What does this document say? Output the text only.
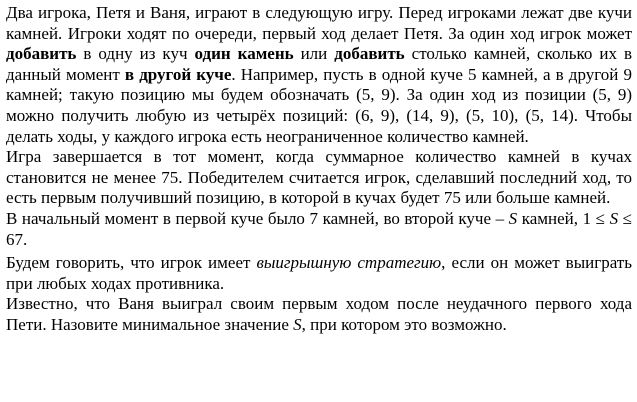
Два игрока, Петя и Ваня, играют в следующую игру. Перед игроками лежат две кучи камней. Игроки ходят по очереди, первый ход делает Петя. За один ход игрок может добавить в одну из куч один камень или добавить столько камней, сколько их в данный момент в другой куче. Например, пусть в одной куче 5 камней, а в другой 9 камней; такую позицию мы будем обозначать (5, 9). За один ход из позиции (5, 9) можно получить любую из четырёх позиций: (6, 9), (14, 9), (5, 10), (5, 14). Чтобы делать ходы, у каждого игрока есть неограниченное количество камней.

Игра завершается в тот момент, когда суммарное количество камней в кучах становится не менее 75. Победителем считается игрок, сделавший последний ход, то есть первым получивший позицию, в которой в кучах будет 75 или больше камней.

В начальный момент в первой куче было 7 камней, во второй куче – S камней, 1 ≤ S ≤ 67.

Будем говорить, что игрок имеет выигрышную стратегию, если он может выиграть при любых ходах противника.

Известно, что Ваня выиграл своим первым ходом после неудачного первого хода Пети. Назовите минимальное значение S, при котором это возможно.
